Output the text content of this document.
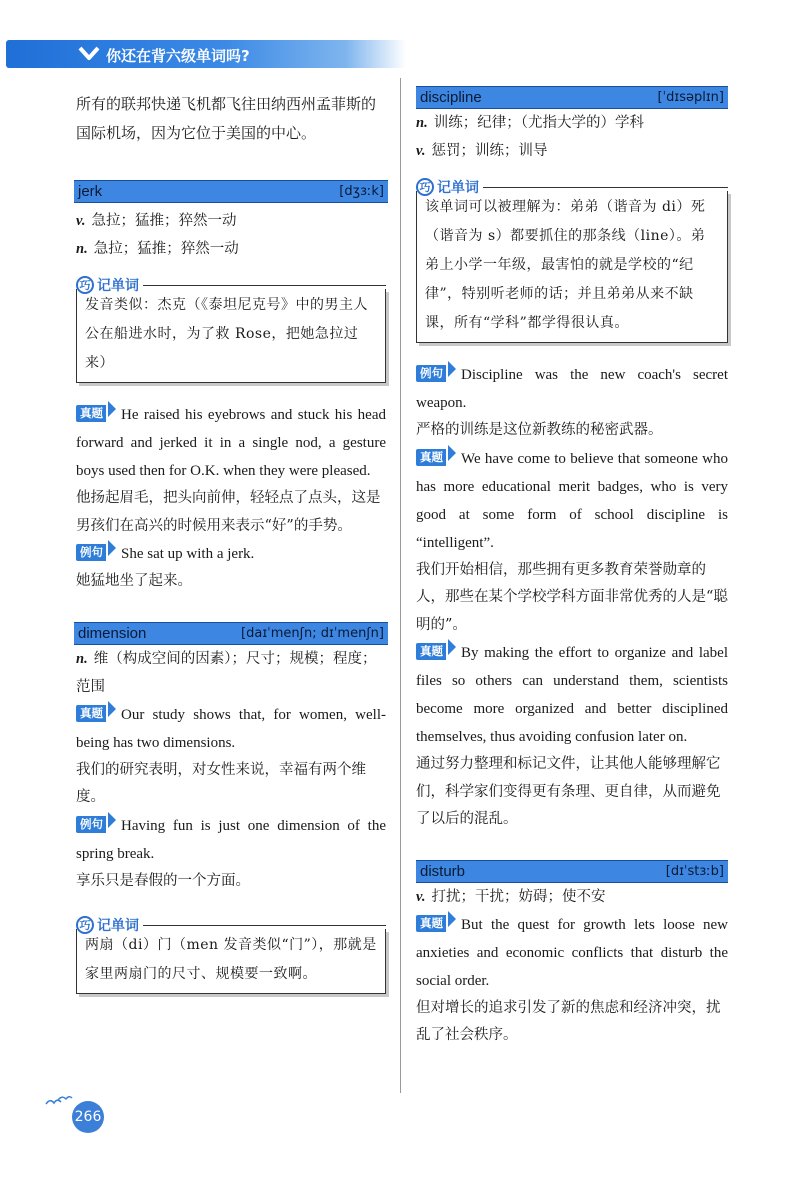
你还在背六级单词吗?

所有的联邦快递飞机都飞往田纳西州孟菲斯的国际机场，因为它位于美国的中心。

jerk	[dʒɜːk]

v. 急拉；猛推；猝然一动

n. 急拉；猛推；猝然一动

巧 记单词

发音类似：杰克（《泰坦尼克号》中的男主人公在船进水时，为了救 Rose，把她急拉过来）

真题 He raised his eyebrows and stuck his head forward and jerked it in a single nod, a gesture boys used then for O.K. when they were pleased.

他扬起眉毛，把头向前伸，轻轻点了点头，这是男孩们在高兴的时候用来表示“好”的手势。

例句 She sat up with a jerk.

她猛地坐了起来。

dimension	[daɪˈmenʃn; dɪˈmenʃn]

n. 维（构成空间的因素）；尺寸；规模；程度；范围

真题 Our study shows that, for women, well-being has two dimensions.

我们的研究表明，对女性来说，幸福有两个维度。

例句 Having fun is just one dimension of the spring break.

享乐只是春假的一个方面。

巧 记单词

两扇（di）门（men 发音类似“门”），那就是家里两扇门的尺寸、规模要一致啊。

discipline	[ˈdɪsəplɪn]

n. 训练；纪律；（尤指大学的）学科

v. 惩罚；训练；训导

巧 记单词

该单词可以被理解为：弟弟（谐音为 di）死（谐音为 s）都要抓住的那条线（line）。弟弟上小学一年级，最害怕的就是学校的“纪律”，特别听老师的话；并且弟弟从来不缺课，所有“学科”都学得很认真。

例句 Discipline was the new coach's secret weapon.

严格的训练是这位新教练的秘密武器。

真题 We have come to believe that someone who has more educational merit badges, who is very good at some form of school discipline is “intelligent”.

我们开始相信，那些拥有更多教育荣誉勋章的人，那些在某个学校学科方面非常优秀的人是“聪明的”。

真题 By making the effort to organize and label files so others can understand them, scientists become more organized and better disciplined themselves, thus avoiding confusion later on.

通过努力整理和标记文件，让其他人能够理解它们，科学家们变得更有条理、更自律，从而避免了以后的混乱。

disturb	[dɪˈstɜːb]

v. 打扰；干扰；妨碍；使不安

真题 But the quest for growth lets loose new anxieties and economic conflicts that disturb the social order.

但对增长的追求引发了新的焦虑和经济冲突，扰乱了社会秩序。

266
